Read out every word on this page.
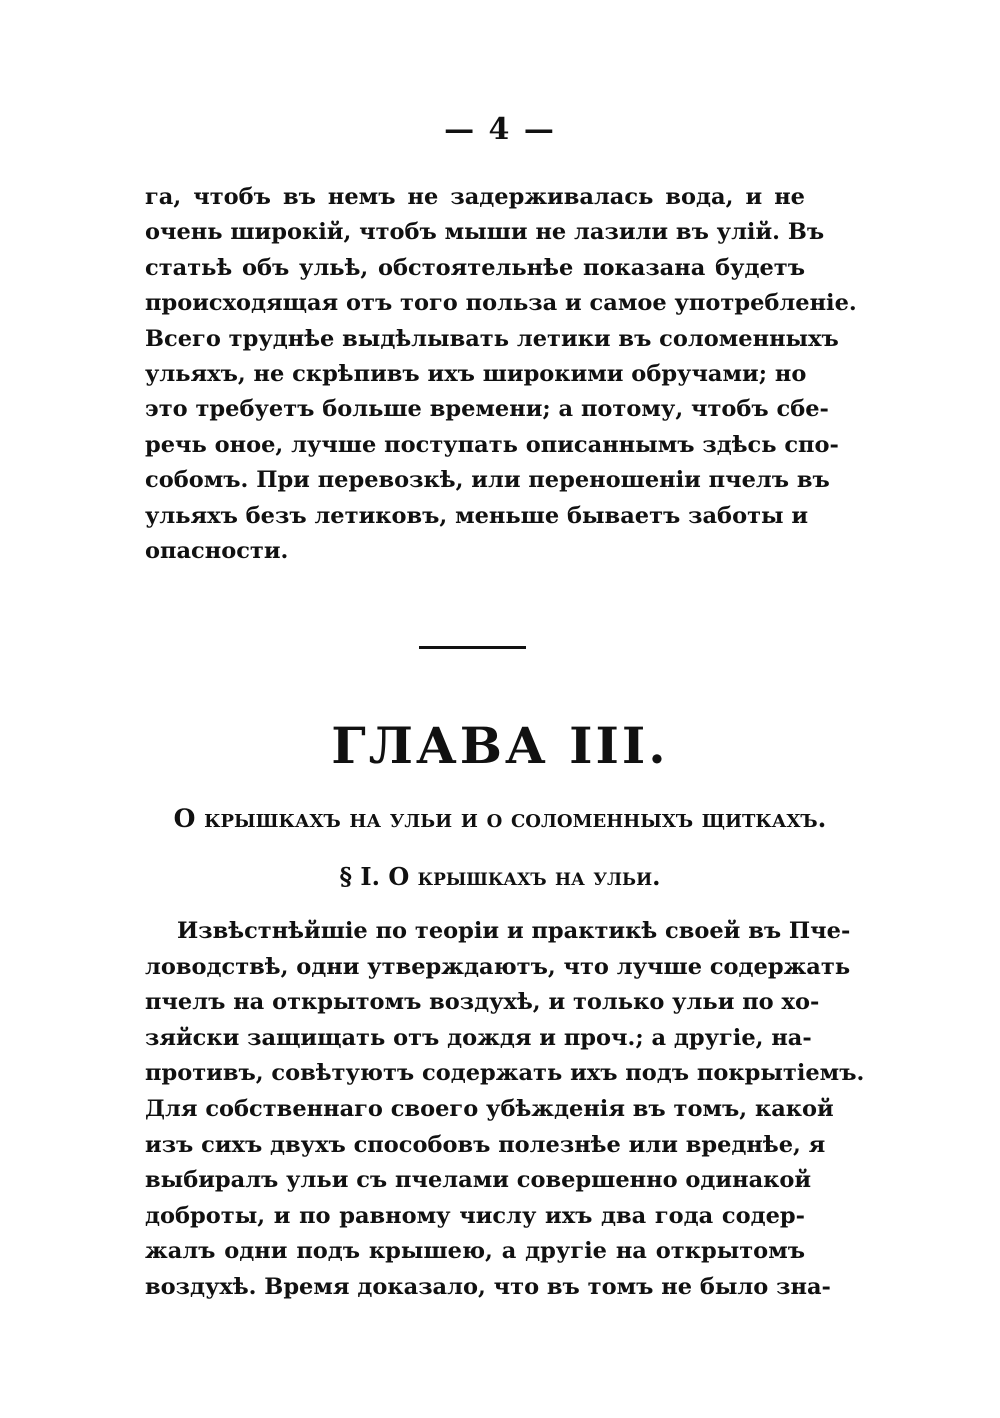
— 4 —
га, чтобъ въ немъ не задерживалась вода, и не
очень широкій, чтобъ мыши не лазили въ улій. Въ
статьѣ объ ульѣ, обстоятельнѣе показана будетъ
происходящая отъ того польза и самое употребленіе.
Всего труднѣе выдѣлывать летики въ соломенныхъ
ульяхъ, не скрѣпивъ ихъ широкими обручами; но
это требуетъ больше времени; а потому, чтобъ сбе-
речь оное, лучше поступать описаннымъ здѣсь спо-
собомъ. При перевозкѣ, или переношеніи пчелъ въ
ульяхъ безъ летиковъ, меньше бываетъ заботы и
опасности.
ГЛАВА III.
О крышкахъ на ульи и о соломенныхъ щиткахъ.
§ I. О крышкахъ на ульи.
Извѣстнѣйшіе по теоріи и практикѣ своей въ Пче-
ловодствѣ, одни утверждаютъ, что лучше содержать
пчелъ на открытомъ воздухѣ, и только ульи по хо-
зяйски защищать отъ дождя и проч.; а другіе, на-
противъ, совѣтуютъ содержать ихъ подъ покрытіемъ.
Для собственнаго своего убѣжденія въ томъ, какой
изъ сихъ двухъ способовъ полезнѣе или вреднѣе, я
выбиралъ ульи съ пчелами совершенно одинакой
доброты, и по равному числу ихъ два года содер-
жалъ одни подъ крышею, а другіе на открытомъ
воздухѣ. Время доказало, что въ томъ не было зна-
